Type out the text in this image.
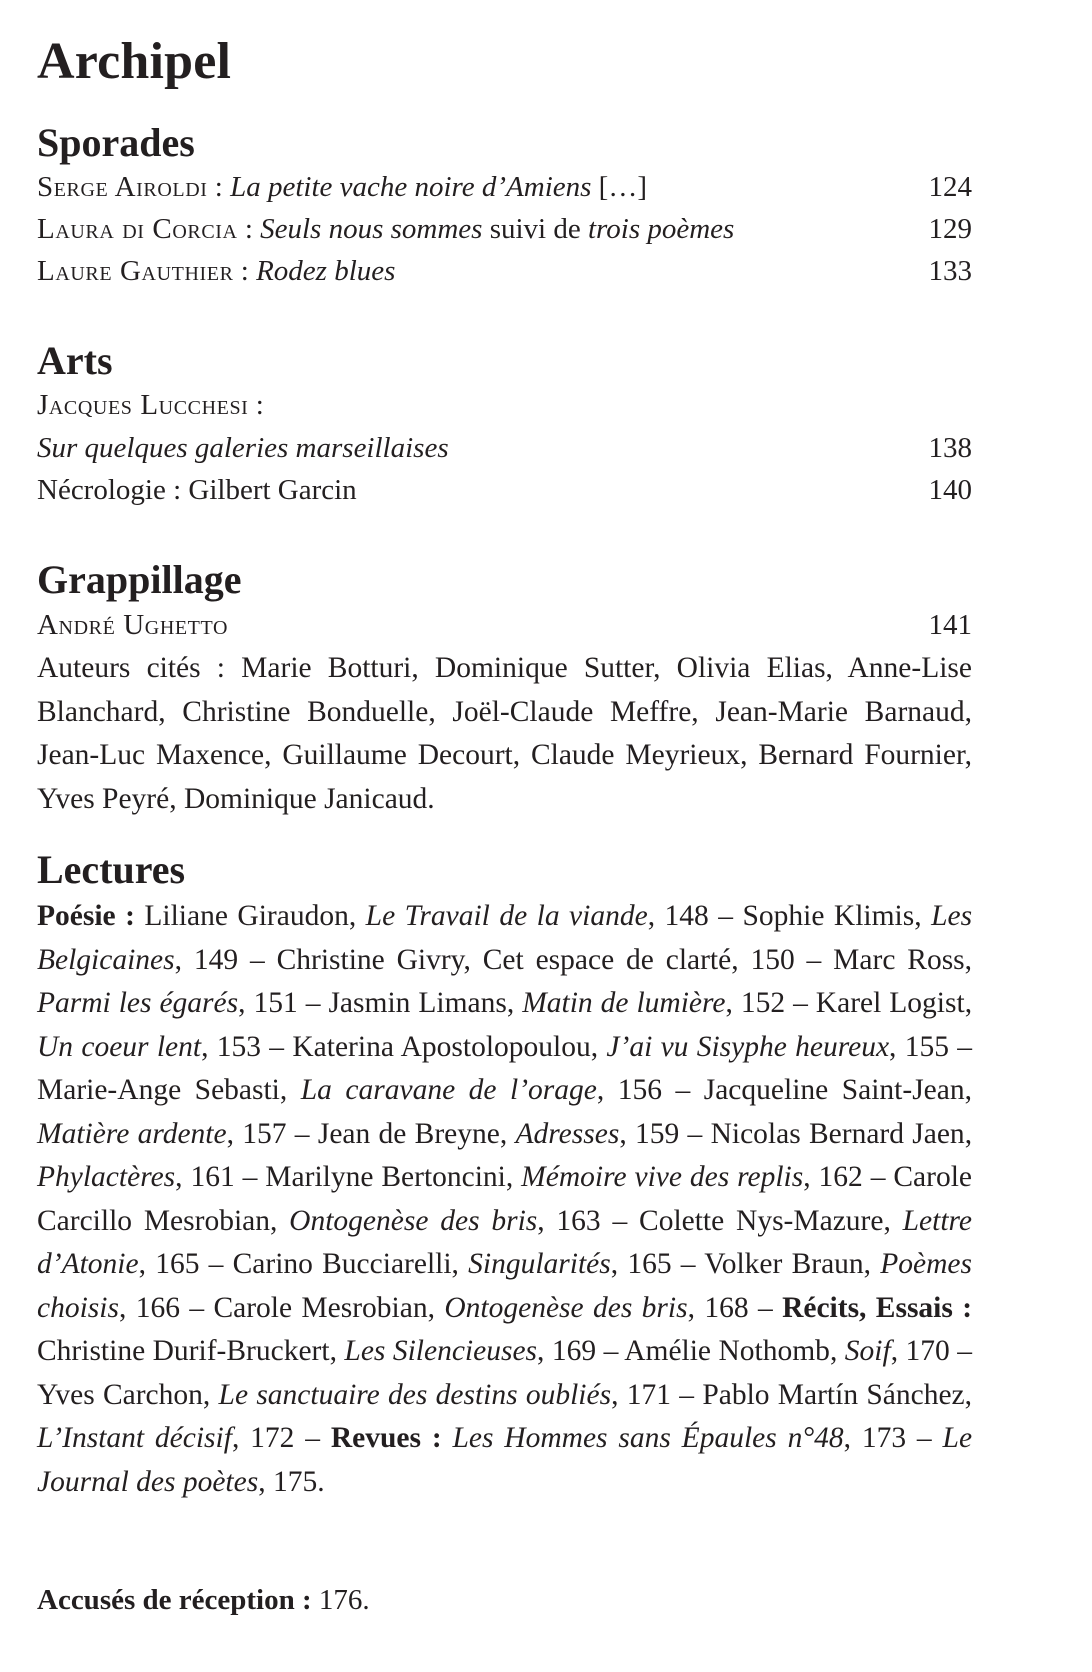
Archipel
Sporades
Serge Airoldi : La petite vache noire d’Amiens […]	124
Laura di Corcia : Seuls nous sommes suivi de trois poèmes	129
Laure Gauthier : Rodez blues	133
Arts
Jacques Lucchesi :
Sur quelques galeries marseillaises	138
Nécrologie : Gilbert Garcin	140
Grappillage
André Ughetto	141

Auteurs cités : Marie Botturi, Dominique Sutter, Olivia Elias, Anne-Lise Blanchard, Christine Bonduelle, Joël-Claude Meffre, Jean-Marie Barnaud, Jean-Luc Maxence, Guillaume Decourt, Claude Meyrieux, Bernard Fournier, Yves Peyré, Dominique Janicaud.

Lectures

Poésie : Liliane Giraudon, Le Travail de la viande, 148 – Sophie Klimis, Les Belgicaines, 149 – Christine Givry, Cet espace de clarté, 150 – Marc Ross, Parmi les égarés, 151 – Jasmin Limans, Matin de lumière, 152 – Karel Logist, Un coeur lent, 153 – Katerina Apostolopoulou, J’ai vu Sisyphe heureux, 155 – Marie-Ange Sebasti, La caravane de l’orage, 156 – Jacqueline Saint-Jean, Matière ardente, 157 – Jean de Breyne, Adresses, 159 – Nicolas Bernard Jaen, Phylactères, 161 – Marilyne Bertoncini, Mémoire vive des replis, 162 – Carole Carcillo Mesrobian, Ontogenèse des bris, 163 – Colette Nys-Mazure, Lettre d’Atonie, 165 – Carino Bucciarelli, Singularités, 165 – Volker Braun, Poèmes choisis, 166 – Carole Mesrobian, Ontogenèse des bris, 168 – Récits, Essais : Christine Durif-Bruckert, Les Silencieuses, 169 – Amélie Nothomb, Soif, 170 – Yves Carchon, Le sanctuaire des destins oubliés, 171 – Pablo Martín Sánchez, L’Instant décisif, 172 – Revues : Les Hommes sans Épaules n°48, 173 – Le Journal des poètes, 175.

Accusés de réception : 176.
